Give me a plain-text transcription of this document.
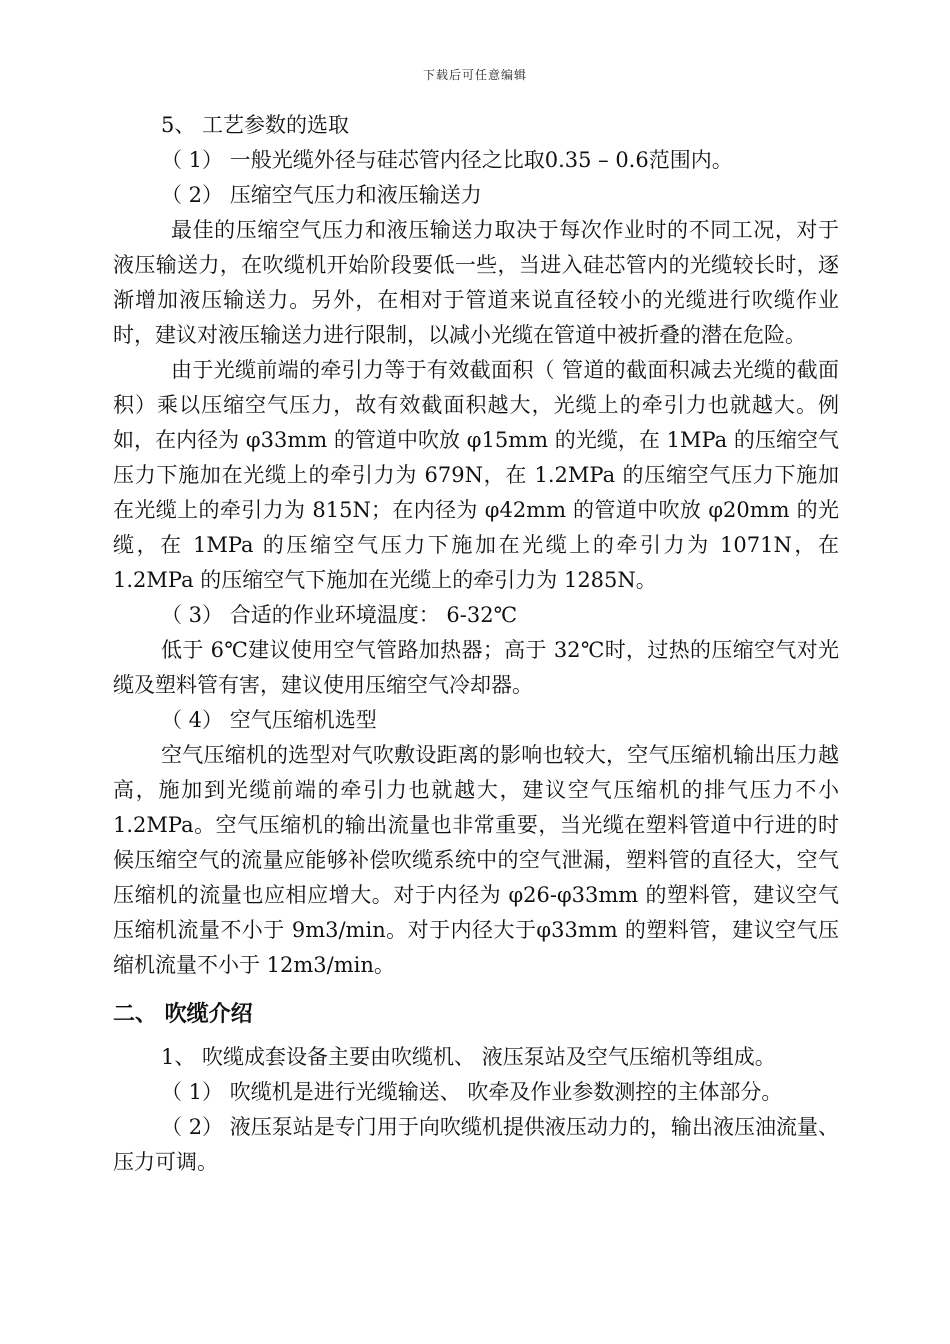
下载后可任意编辑

5、 工艺参数的选取

（ 1） 一般光缆外径与硅芯管内径之比取0.35 – 0.6范围内。

（ 2） 压缩空气压力和液压输送力

最佳的压缩空气压力和液压输送力取决于每次作业时的不同工况，对于液压输送力，在吹缆机开始阶段要低一些，当进入硅芯管内的光缆较长时，逐渐增加液压输送力。另外，在相对于管道来说直径较小的光缆进行吹缆作业时，建议对液压输送力进行限制，以减小光缆在管道中被折叠的潜在危险。

由于光缆前端的牵引力等于有效截面积（ 管道的截面积减去光缆的截面积）乘以压缩空气压力，故有效截面积越大，光缆上的牵引力也就越大。例如，在内径为 φ33mm 的管道中吹放 φ15mm 的光缆，在 1MPa 的压缩空气压力下施加在光缆上的牵引力为 679N，在 1.2MPa 的压缩空气压力下施加在光缆上的牵引力为 815N；在内径为 φ42mm 的管道中吹放 φ20mm 的光缆，在 1MPa 的压缩空气压力下施加在光缆上的牵引力为 1071N，在 1.2MPa 的压缩空气下施加在光缆上的牵引力为 1285N。

（ 3） 合适的作业环境温度： 6-32℃

低于 6℃建议使用空气管路加热器；高于 32℃时，过热的压缩空气对光缆及塑料管有害，建议使用压缩空气冷却器。

（ 4） 空气压缩机选型

空气压缩机的选型对气吹敷设距离的影响也较大，空气压缩机输出压力越高，施加到光缆前端的牵引力也就越大，建议空气压缩机的排气压力不小 1.2MPa。空气压缩机的输出流量也非常重要，当光缆在塑料管道中行进的时候压缩空气的流量应能够补偿吹缆系统中的空气泄漏，塑料管的直径大，空气压缩机的流量也应相应增大。对于内径为 φ26-φ33mm 的塑料管，建议空气压缩机流量不小于 9m3/min。对于内径大于φ33mm 的塑料管，建议空气压缩机流量不小于 12m3/min。

二、 吹缆介绍

1、 吹缆成套设备主要由吹缆机、 液压泵站及空气压缩机等组成。

（ 1） 吹缆机是进行光缆输送、 吹牵及作业参数测控的主体部分。

（ 2） 液压泵站是专门用于向吹缆机提供液压动力的，输出液压油流量、 压力可调。
